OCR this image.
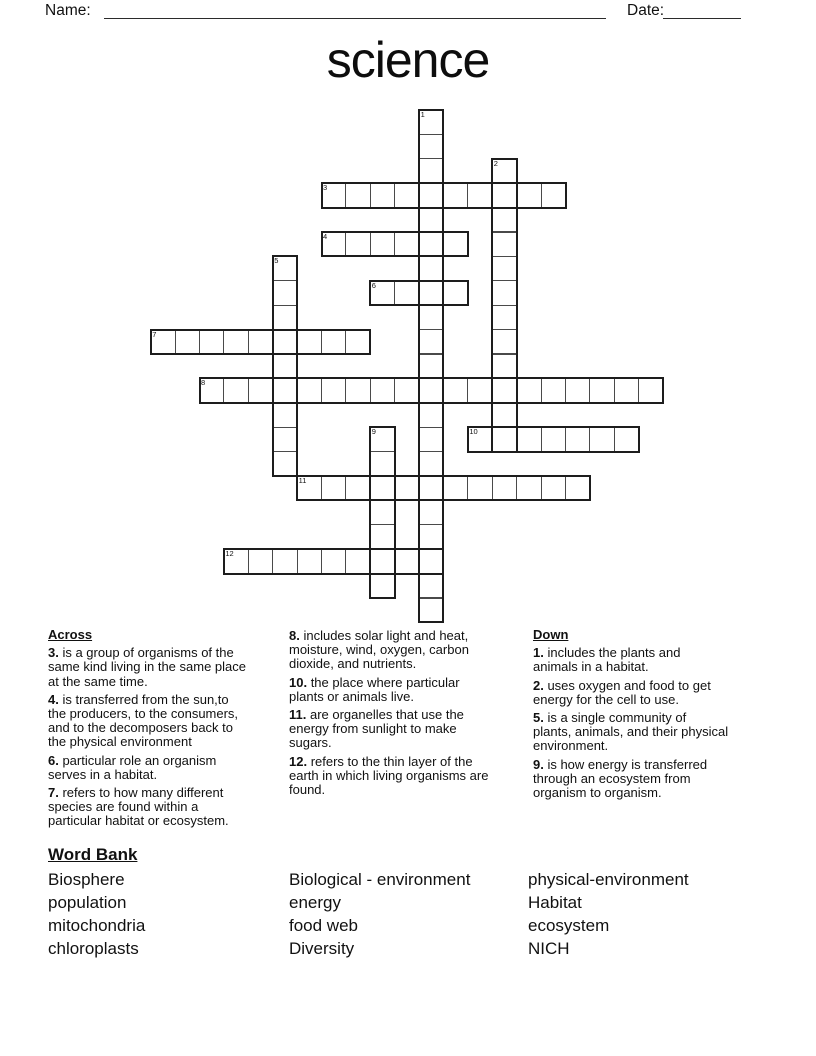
Name:	Date:
science
1
2
3
4
5
6
7
8
9	10
11
12
Across
3. is a group of organisms of the
same kind living in the same place
at the same time.
4. is transferred from the sun,to
the producers, to the consumers,
and to the decomposers back to
the physical environment
6. particular role an organism
serves in a habitat.
7. refers to how many different
species are found within a
particular habitat or ecosystem.
8. includes solar light and heat,
moisture, wind, oxygen, carbon
dioxide, and nutrients.
10. the place where particular
plants or animals live.
11. are organelles that use the
energy from sunlight to make
sugars.
12. refers to the thin layer of the
earth in which living organisms are
found.
Down
1. includes the plants and
animals in a habitat.
2. uses oxygen and food to get
energy for the cell to use.
5. is a single community of
plants, animals, and their physical
environment.
9. is how energy is transferred
through an ecosystem from
organism to organism.
Word Bank
Biosphere
population
mitochondria
chloroplasts
Biological - environment
energy
food web
Diversity
physical-environment
Habitat
ecosystem
NICH
